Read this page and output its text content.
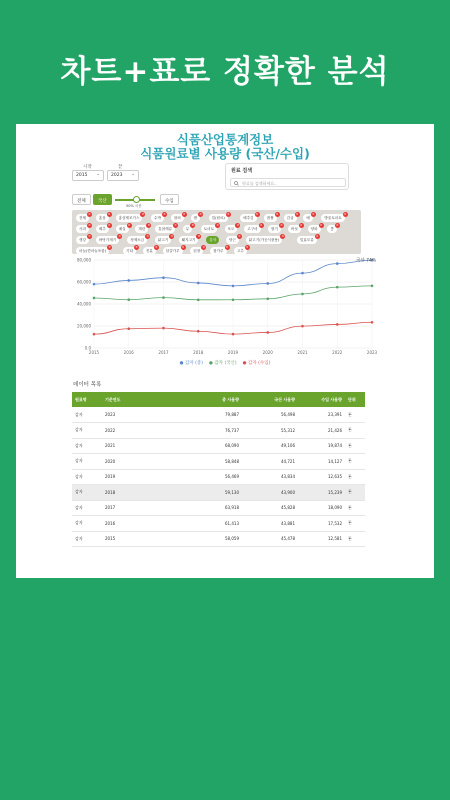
차트+표로 정확한 분석
식품산업통계정보
식품원료별 사용량 (국산/수입)
시작	끝
2015 ⌄	2023 ⌄
원료 검색
원료를 검색하세요..
전체	국산
50% 국산
수입
전체
×
홍삼
×
홍삼제조가스
×
수박
×
참외
×
쌀
×
밀(원료)
×
배추김
×
찹쌀
×
감귤
×
배
×
방울토마토
×
사과
×
배추
×
매실
×
계란
×
통참깨류
×
무
×
토마토
×
포도
×
고구마
×
딸기
×
버섯
×
양파
×
콩
×
생강
×
바닷가재기
×
정제소금
×
닭고기
×
돼지고기
×
감자	당근
×
닭고기(가공식품용)
×
밀효모류
×
마늘(깐마늘포함)
×
기타
×
전분
×
달걀가루
×
된장
×
참가루
×
고추
×
0.0
20,000
40,000
60,000
80,000
2015	2016	2017	2018	2019	2020	2021	2022	2023
국산 74%
● 감자 (총) ● 감자 (국산) ● 감자 (수입)
데이터 목록
원료명	기준연도	총 사용량	국산 사용량	수입 사용량	단위
감자	2023	79,887	56,498	23,391	톤
감자	2022	76,737	55,312	21,426	톤
감자	2021	68,090	49,106	19,874	톤
감자	2020	58,848	44,721	14,127	톤
감자	2019	56,469	43,834	12,635	톤
감자	2018	59,130	43,900	15,239	톤
감자	2017	63,918	45,828	18,090	톤
감자	2016	61,413	43,881	17,532	톤
감자	2015	58,059	45,478	12,581	톤
